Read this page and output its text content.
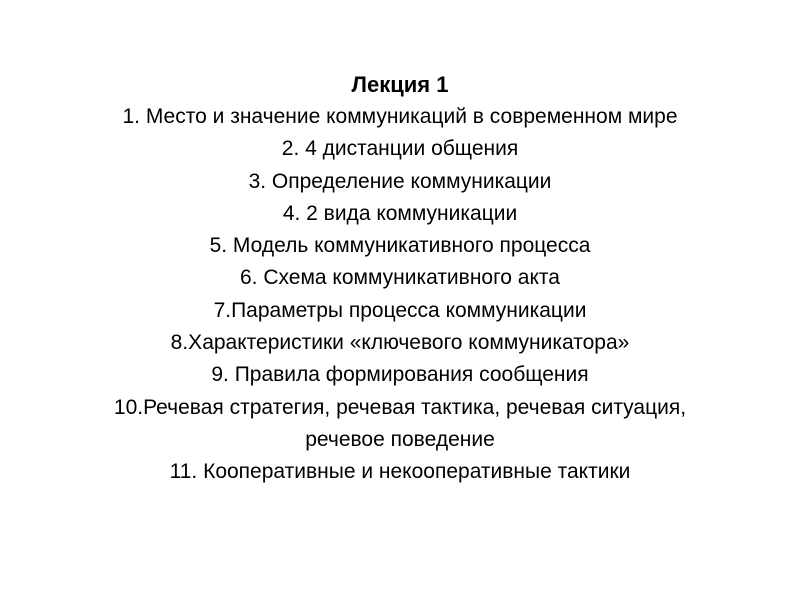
Лекция 1
1. Место и значение коммуникаций в современном мире
2. 4 дистанции общения
3. Определение коммуникации
4. 2 вида коммуникации
5. Модель коммуникативного процесса
6. Схема коммуникативного акта
7.Параметры процесса коммуникации
8.Характеристики «ключевого коммуникатора»
9. Правила формирования сообщения
10.Речевая стратегия, речевая тактика, речевая ситуация,
речевое поведение
11. Кооперативные и некооперативные тактики
